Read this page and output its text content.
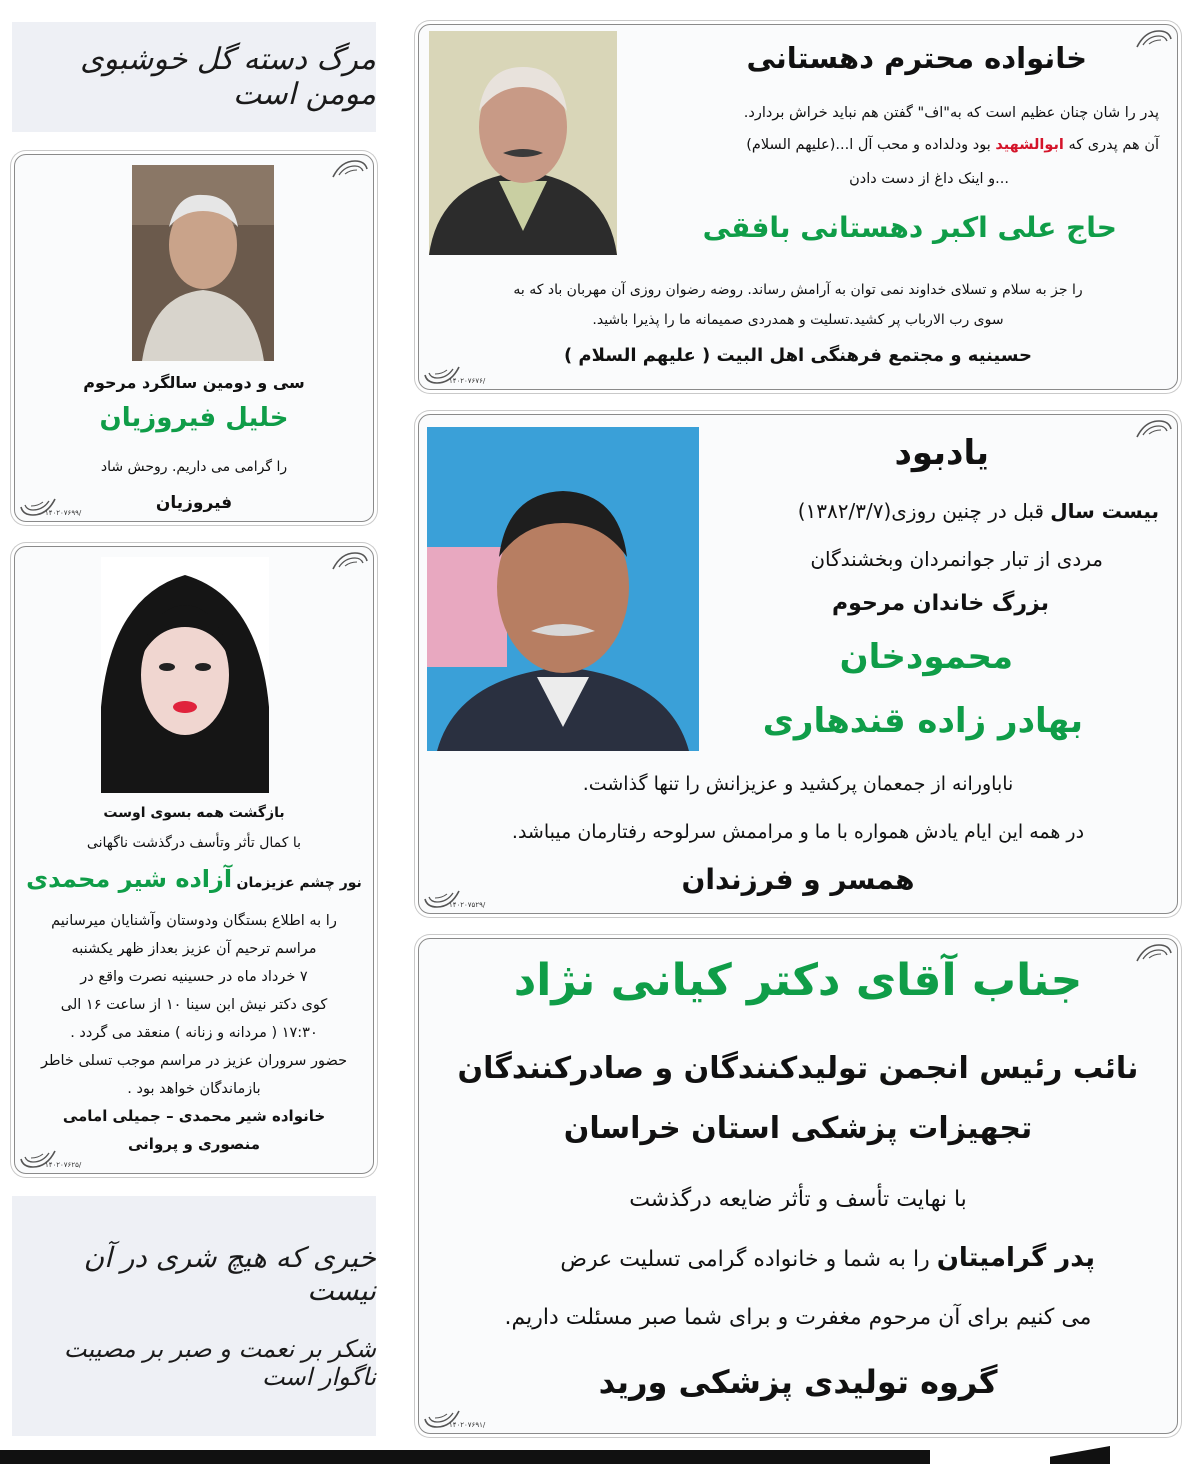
مرگ دسته گل خوشبوی مومن است
سی و دومین سالگرد مرحوم
خلیل فیروزیان
را گرامی می داریم. روحش شاد
فیروزیان
۱۴۰۲۰۷۶۹۹/
بازگشت همه بسوی اوست
با کمال تأثر وتأسف درگذشت ناگهانی
نور چشم عزیزمان آزاده شیر محمدی
را به اطلاع بستگان ودوستان وآشنایان میرسانیم
مراسم ترحیم آن عزیز بعداز ظهر یکشنبه
۷ خرداد ماه در حسینیه نصرت واقع در
کوی دکتر نیش ابن سینا ۱۰ از ساعت ۱۶ الی
۱۷:۳۰ ( مردانه و زنانه ) منعقد می گردد .
حضور سروران عزیز در مراسم موجب تسلی خاطر
بازماندگان خواهد بود .
خانواده شیر محمدی – جمیلی امامی
منصوری و پروانی
۱۴۰۲۰۷۶۲۵/
خیری که هیچ شری در آن نیست
شکر بر نعمت و صبر بر مصیبت ناگوار است
خانواده محترم دهستانی
پدر را شان چنان عظیم است که به"اف" گفتن هم نباید خراش بردارد.
آن هم پدری که ابوالشهید بود ودلداده و محب آل ا...(علیهم السلام)
...و اینک داغ از دست دادن
حاج علی اکبر دهستانی بافقی
را جز به سلام و تسلای خداوند نمی توان به آرامش رساند. روضه رضوان روزی آن مهربان باد که به
سوی رب الارباب پر کشید.تسلیت و همدردی صمیمانه ما را پذیرا باشید.
حسینیه و مجتمع فرهنگی اهل البیت ( علیهم السلام )
۱۴۰۲۰۷۶۷۶/
یادبود
بیست سال قبل در چنین روزی(۱۳۸۲/۳/۷)
مردی از تبار جوانمردان وبخشندگان
بزرگ خاندان مرحوم
محمودخان
بهادر زاده قندهاری
ناباورانه از جمعمان پرکشید و عزیزانش را تنها گذاشت.
در همه این ایام یادش همواره با ما و مراممش سرلوحه رفتارمان میباشد.
همسر و فرزندان
۱۴۰۲۰۷۵۲۹/
جناب آقای دکتر کیانی نژاد
نائب رئیس انجمن تولیدکنندگان و صادرکنندگان
تجهیزات پزشکی استان خراسان
با نهایت تأسف و تأثر ضایعه درگذشت
پدر گرامیتان را به شما و خانواده گرامی تسلیت عرض
می کنیم برای آن مرحوم مغفرت و برای شما صبر مسئلت داریم.
گروه تولیدی پزشکی ورید
۱۴۰۲۰۷۶۹۱/
